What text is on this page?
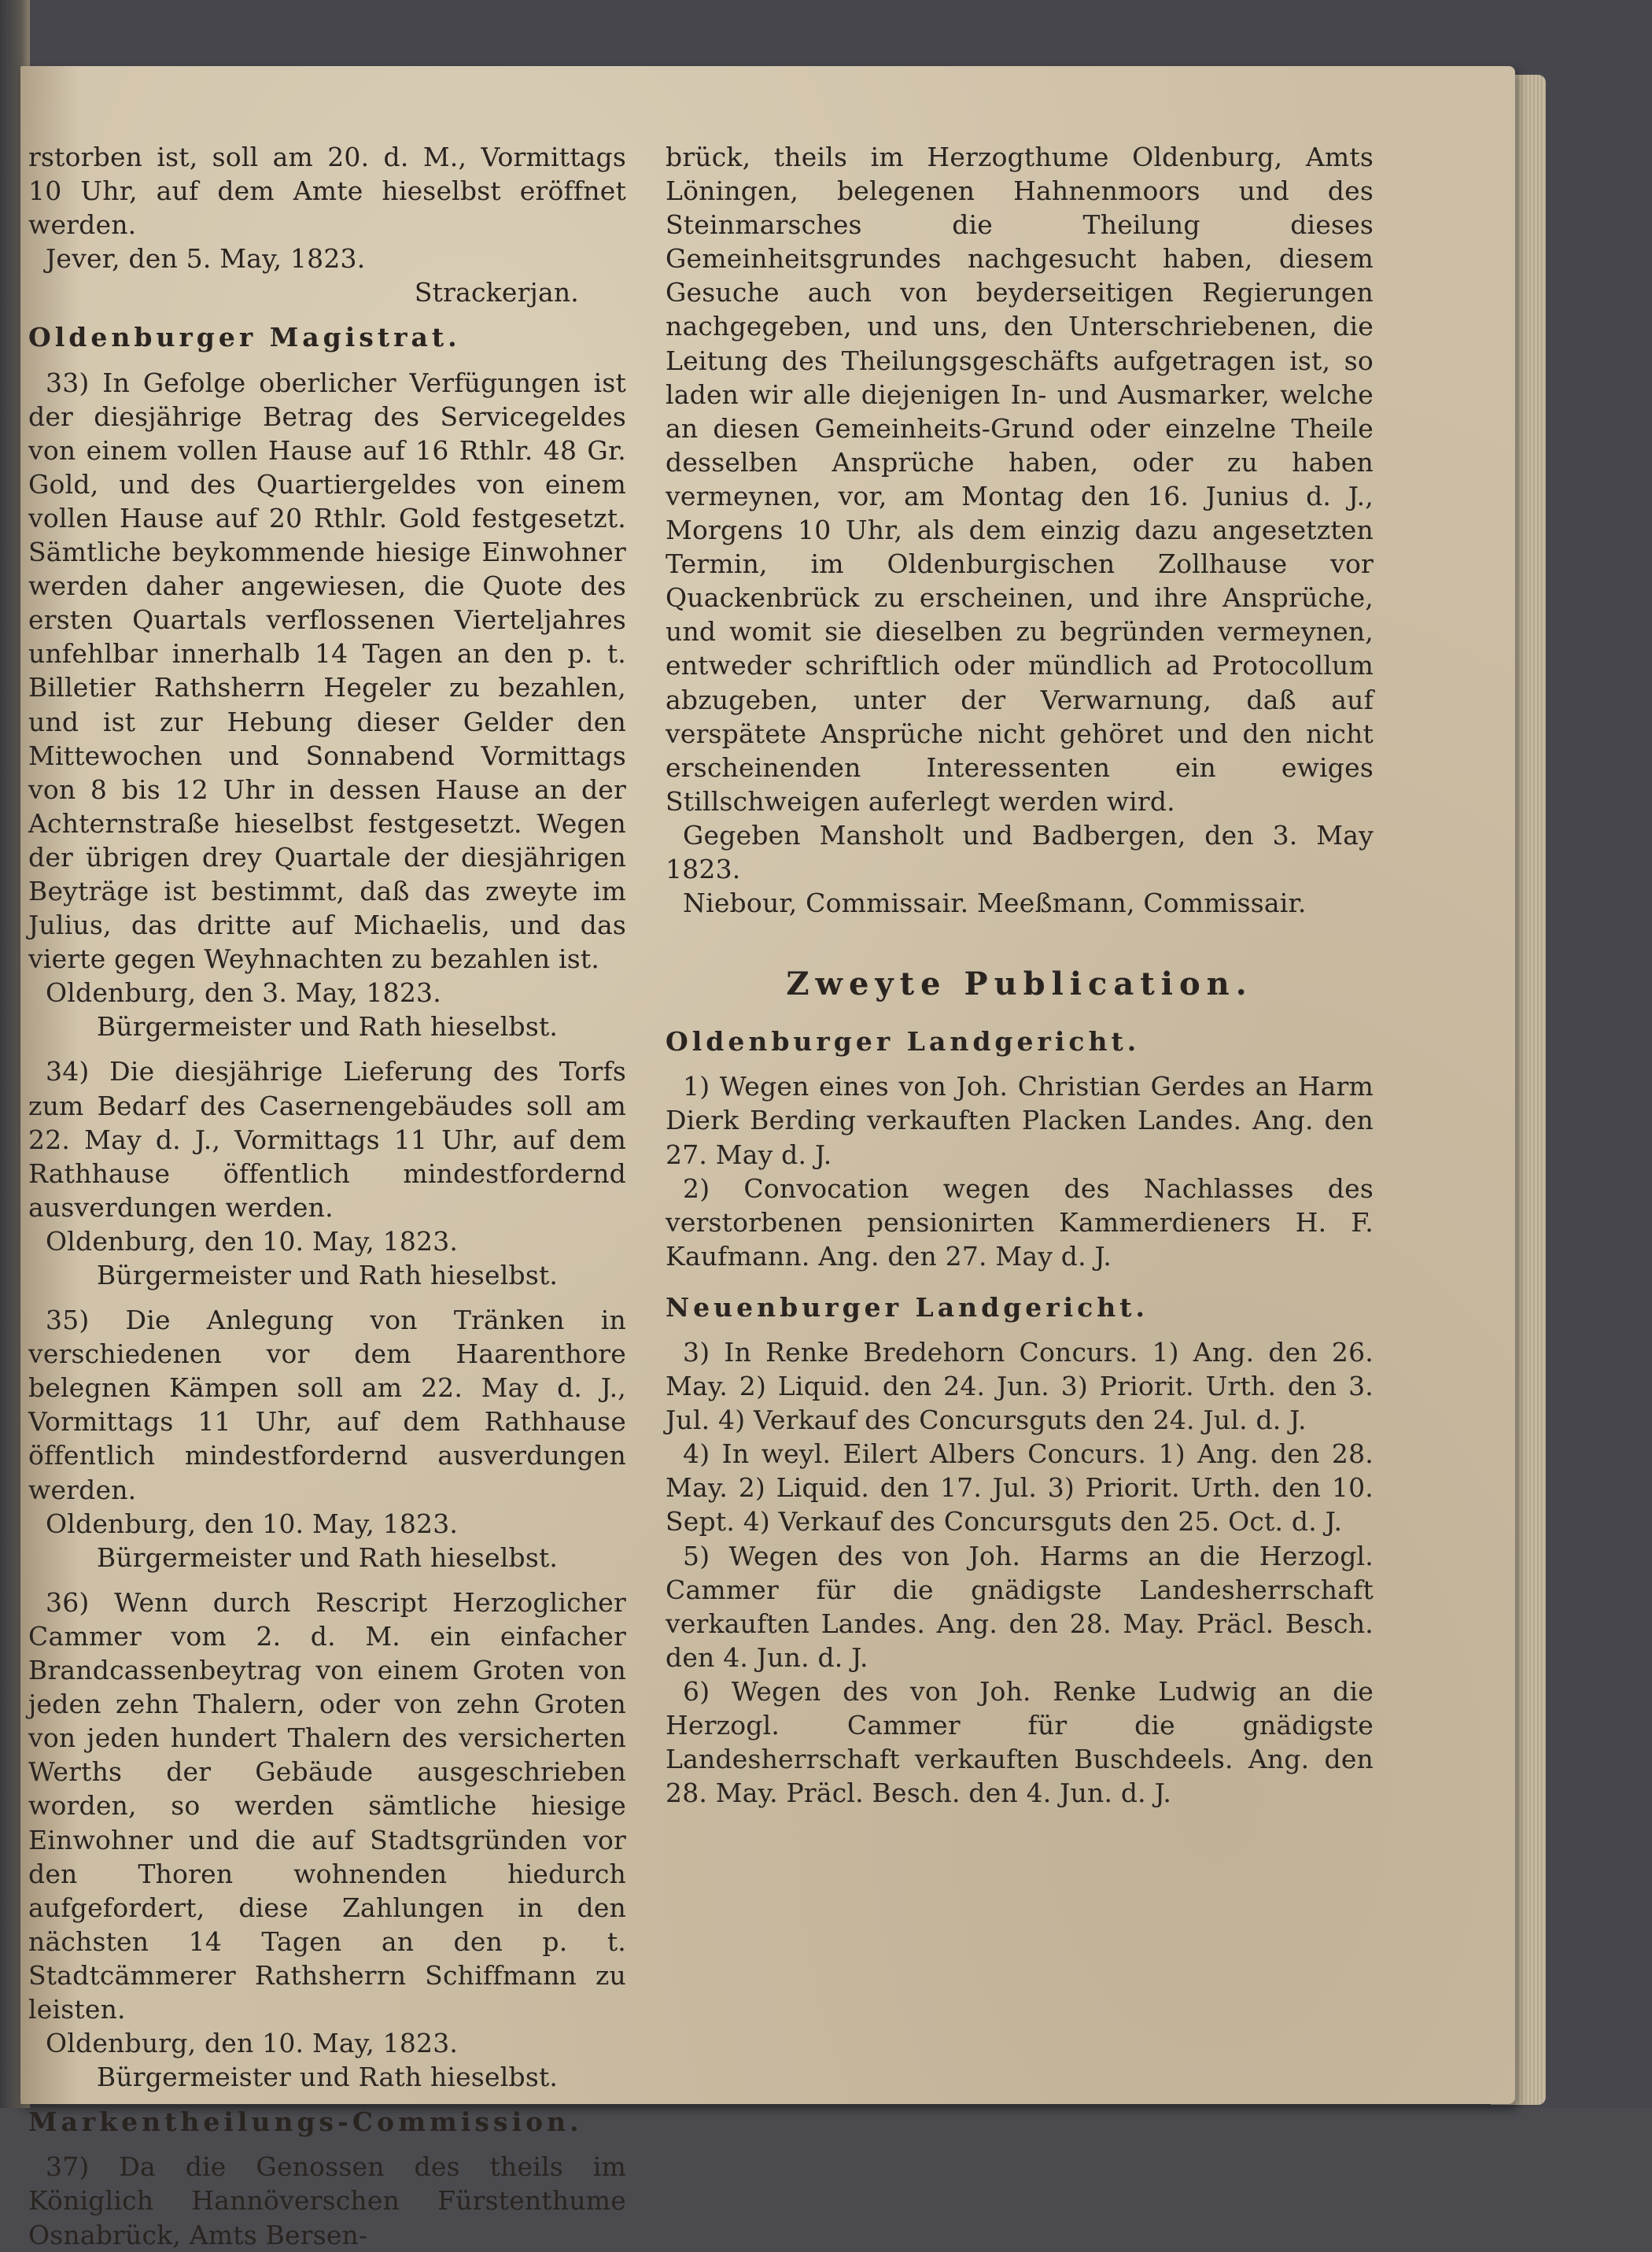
rstorben ist, soll am 20. d. M., Vormittags 10 Uhr, auf dem Amte hieselbst eröffnet werden.

Jever, den 5. May, 1823.

Strackerjan.

Oldenburger Magistrat.

33) In Gefolge oberlicher Verfügungen ist der diesjährige Betrag des Servicegeldes von einem vollen Hause auf 16 Rthlr. 48 Gr. Gold, und des Quartiergeldes von einem vollen Hause auf 20 Rthlr. Gold festgesetzt. Sämtliche beykommende hiesige Einwohner werden daher angewiesen, die Quote des ersten Quartals verflossenen Vierteljahres unfehlbar innerhalb 14 Tagen an den p. t. Billetier Rathsherrn Hegeler zu bezahlen, und ist zur Hebung dieser Gelder den Mittewochen und Sonnabend Vormittags von 8 bis 12 Uhr in dessen Hause an der Achternstraße hieselbst festgesetzt. Wegen der übrigen drey Quartale der diesjährigen Beyträge ist bestimmt, daß das zweyte im Julius, das dritte auf Michaelis, und das vierte gegen Weyhnachten zu bezahlen ist.

Oldenburg, den 3. May, 1823.

Bürgermeister und Rath hieselbst.

34) Die diesjährige Lieferung des Torfs zum Bedarf des Casernengebäudes soll am 22. May d. J., Vormittags 11 Uhr, auf dem Rathhause öffentlich mindestfordernd ausverdungen werden.

Oldenburg, den 10. May, 1823.

Bürgermeister und Rath hieselbst.

35) Die Anlegung von Tränken in verschiedenen vor dem Haarenthore belegnen Kämpen soll am 22. May d. J., Vormittags 11 Uhr, auf dem Rathhause öffentlich mindestfordernd ausverdungen werden.

Oldenburg, den 10. May, 1823.

Bürgermeister und Rath hieselbst.

36) Wenn durch Rescript Herzoglicher Cammer vom 2. d. M. ein einfacher Brandcassenbeytrag von einem Groten von jeden zehn Thalern, oder von zehn Groten von jeden hundert Thalern des versicherten Werths der Gebäude ausgeschrieben worden, so werden sämtliche hiesige Einwohner und die auf Stadtsgründen vor den Thoren wohnenden hiedurch aufgefordert, diese Zahlungen in den nächsten 14 Tagen an den p. t. Stadtcämmerer Rathsherrn Schiffmann zu leisten.

Oldenburg, den 10. May, 1823.

Bürgermeister und Rath hieselbst.

Markentheilungs-Commission.

37) Da die Genossen des theils im Königlich Hannöverschen Fürstenthume Osnabrück, Amts Bersen-

brück, theils im Herzogthume Oldenburg, Amts Löningen, belegenen Hahnenmoors und des Steinmarsches die Theilung dieses Gemeinheitsgrundes nachgesucht haben, diesem Gesuche auch von beyderseitigen Regierungen nachgegeben, und uns, den Unterschriebenen, die Leitung des Theilungsgeschäfts aufgetragen ist, so laden wir alle diejenigen In- und Ausmarker, welche an diesen Gemeinheits-Grund oder einzelne Theile desselben Ansprüche haben, oder zu haben vermeynen, vor, am Montag den 16. Junius d. J., Morgens 10 Uhr, als dem einzig dazu angesetzten Termin, im Oldenburgischen Zollhause vor Quackenbrück zu erscheinen, und ihre Ansprüche, und womit sie dieselben zu begründen vermeynen, entweder schriftlich oder mündlich ad Protocollum abzugeben, unter der Verwarnung, daß auf verspätete Ansprüche nicht gehöret und den nicht erscheinenden Interessenten ein ewiges Stillschweigen auferlegt werden wird.

Gegeben Mansholt und Badbergen, den 3. May 1823.

Niebour, Commissair. Meeßmann, Commissair.

Zweyte Publication.

Oldenburger Landgericht.

1) Wegen eines von Joh. Christian Gerdes an Harm Dierk Berding verkauften Placken Landes. Ang. den 27. May d. J.

2) Convocation wegen des Nachlasses des verstorbenen pensionirten Kammerdieners H. F. Kaufmann. Ang. den 27. May d. J.

Neuenburger Landgericht.

3) In Renke Bredehorn Concurs. 1) Ang. den 26. May. 2) Liquid. den 24. Jun. 3) Priorit. Urth. den 3. Jul. 4) Verkauf des Concursguts den 24. Jul. d. J.

4) In weyl. Eilert Albers Concurs. 1) Ang. den 28. May. 2) Liquid. den 17. Jul. 3) Priorit. Urth. den 10. Sept. 4) Verkauf des Concursguts den 25. Oct. d. J.

5) Wegen des von Joh. Harms an die Herzogl. Cammer für die gnädigste Landesherrschaft verkauften Landes. Ang. den 28. May. Präcl. Besch. den 4. Jun. d. J.

6) Wegen des von Joh. Renke Ludwig an die Herzogl. Cammer für die gnädigste Landesherrschaft verkauften Buschdeels. Ang. den 28. May. Präcl. Besch. den 4. Jun. d. J.
